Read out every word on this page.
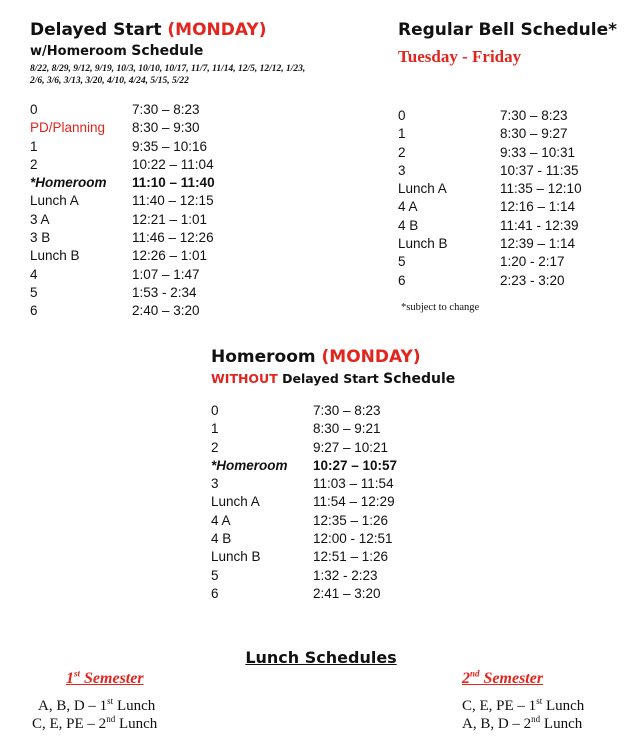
Delayed Start (MONDAY)
w/Homeroom Schedule
8/22, 8/29, 9/12, 9/19, 10/3, 10/10, 10/17, 11/7, 11/14, 12/5, 12/12, 1/23,
2/6, 3/6, 3/13, 3/20, 4/10, 4/24, 5/15, 5/22
0	7:30 – 8:23
PD/Planning 8:30 – 9:30
1	9:35 – 10:16
2	10:22 – 11:04
*Homeroom 11:10 – 11:40
Lunch A	11:40 – 12:15
3 A	12:21 – 1:01
3 B	11:46 – 12:26
Lunch B	12:26 – 1:01
4	1:07 – 1:47
5	1:53 - 2:34
6	2:40 – 3:20
Regular Bell Schedule*
Tuesday - Friday
0	7:30 – 8:23
1	8:30 – 9:27
2	9:33 – 10:31
3	10:37 - 11:35
Lunch A	11:35 – 12:10
4 A	12:16 – 1:14
4 B	11:41 - 12:39
Lunch B	12:39 – 1:14
5	1:20 - 2:17
6	2:23 - 3:20
*subject to change
Homeroom (MONDAY)
WITHOUT Delayed Start Schedule
0	7:30 – 8:23
1	8:30 – 9:21
2	9:27 – 10:21
*Homeroom 10:27 – 10:57
3	11:03 – 11:54
Lunch A	11:54 – 12:29
4 A	12:35 – 1:26
4 B	12:00 - 12:51
Lunch B	12:51 – 1:26
5	1:32 - 2:23
6	2:41 – 3:20
Lunch Schedules
1st Semester
A, B, D – 1st Lunch
C, E, PE – 2nd Lunch
2nd Semester
C, E, PE – 1st Lunch
A, B, D – 2nd Lunch
